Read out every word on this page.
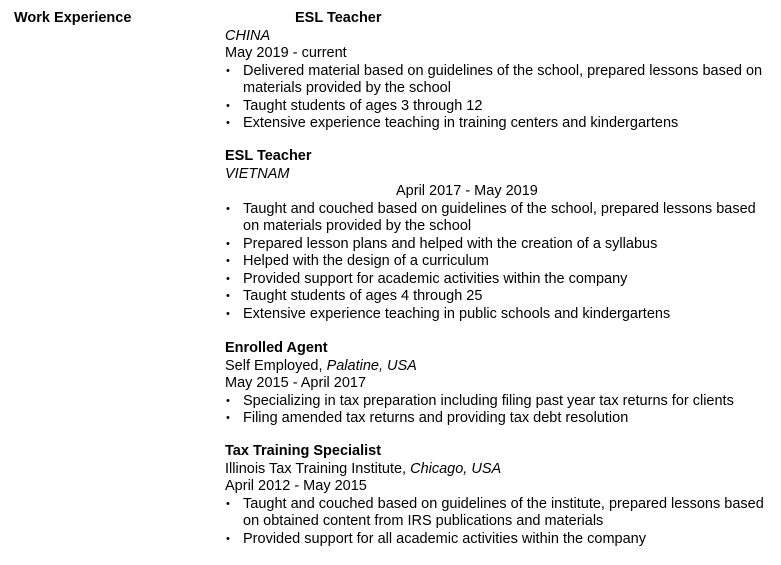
Work Experience	ESL Teacher
CHINA
May 2019 - current
• Delivered material based on guidelines of the school, prepared lessons based on materials provided by the school
• Taught students of ages 3 through 12
• Extensive experience teaching in training centers and kindergartens
ESL Teacher
VIETNAM
April 2017 - May 2019
• Taught and couched based on guidelines of the school, prepared lessons based on materials provided by the school
• Prepared lesson plans and helped with the creation of a syllabus
• Helped with the design of a curriculum
• Provided support for academic activities within the company
• Taught students of ages 4 through 25
• Extensive experience teaching in public schools and kindergartens
Enrolled Agent
Self Employed, Palatine, USA
May 2015 - April 2017
• Specializing in tax preparation including filing past year tax returns for clients
• Filing amended tax returns and providing tax debt resolution
Tax Training Specialist
Illinois Tax Training Institute, Chicago, USA
April 2012 - May 2015
• Taught and couched based on guidelines of the institute, prepared lessons based on obtained content from IRS publications and materials
• Provided support for all academic activities within the company
